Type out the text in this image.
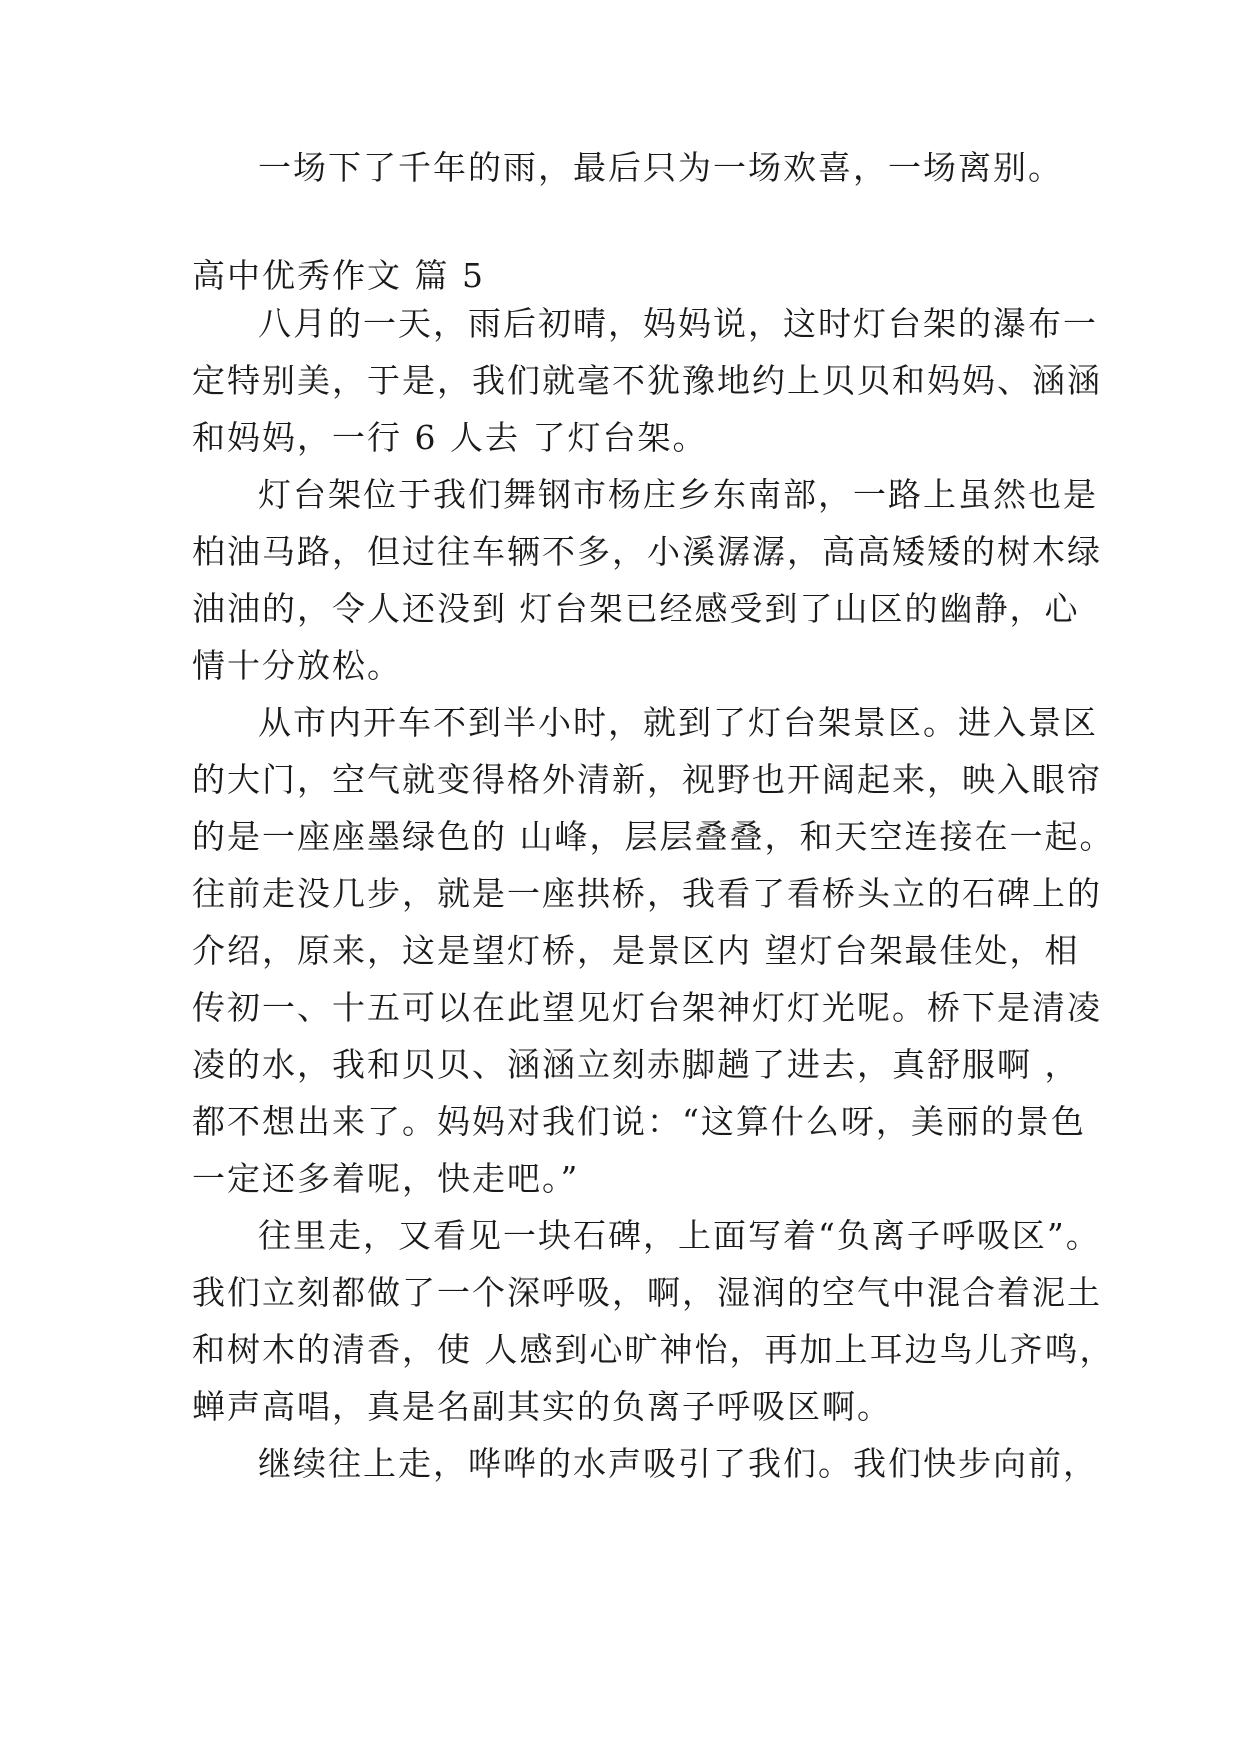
一场下了千年的雨，最后只为一场欢喜，一场离别。
高中优秀作文 篇 5
八月的一天，雨后初晴，妈妈说，这时灯台架的瀑布一
定特别美，于是，我们就毫不犹豫地约上贝贝和妈妈、涵涵
和妈妈，一行 6 人去 了灯台架。
灯台架位于我们舞钢市杨庄乡东南部，一路上虽然也是
柏油马路，但过往车辆不多，小溪潺潺，高高矮矮的树木绿
油油的，令人还没到 灯台架已经感受到了山区的幽静，心
情十分放松。
从市内开车不到半小时，就到了灯台架景区。进入景区
的大门，空气就变得格外清新，视野也开阔起来，映入眼帘
的是一座座墨绿色的 山峰，层层叠叠，和天空连接在一起。
往前走没几步，就是一座拱桥，我看了看桥头立的石碑上的
介绍，原来，这是望灯桥，是景区内 望灯台架最佳处，相
传初一、十五可以在此望见灯台架神灯灯光呢。桥下是清凌
凌的水，我和贝贝、涵涵立刻赤脚趟了进去，真舒服啊 ，
都不想出来了。妈妈对我们说：“这算什么呀，美丽的景色
一定还多着呢，快走吧。”
往里走，又看见一块石碑，上面写着“负离子呼吸区”。
我们立刻都做了一个深呼吸，啊，湿润的空气中混合着泥土
和树木的清香，使 人感到心旷神怡，再加上耳边鸟儿齐鸣，
蝉声高唱，真是名副其实的负离子呼吸区啊。
继续往上走，哗哗的水声吸引了我们。我们快步向前，
